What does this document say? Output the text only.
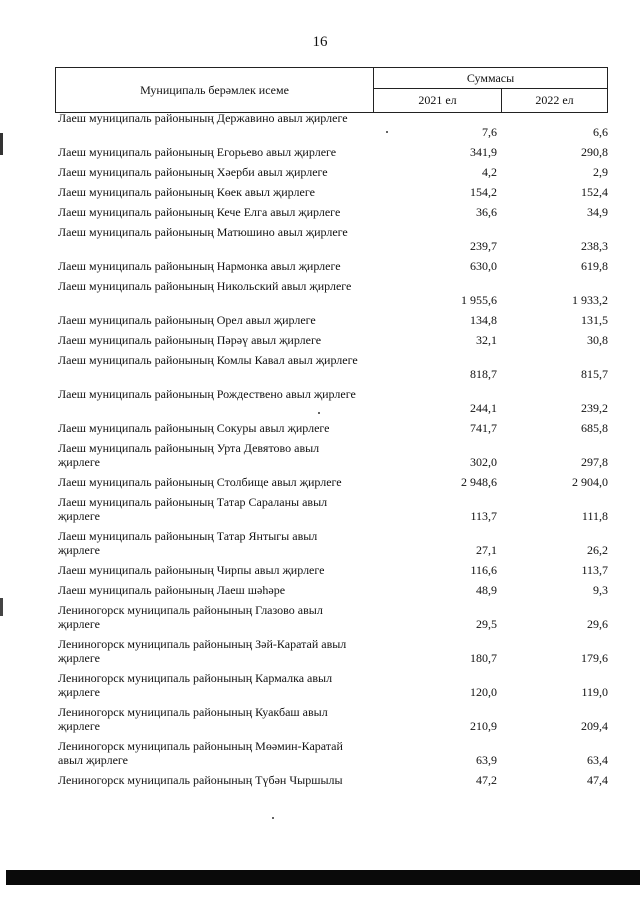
16
Муниципаль берәмлек исеме
Суммасы
2021 ел	2022 ел
Лаеш муниципаль районының Державино авыл җирлеге
7,6	6,6
Лаеш муниципаль районының Егорьево авыл җирлеге	341,9	290,8
Лаеш муниципаль районының Хәерби авыл җирлеге	4,2	2,9
Лаеш муниципаль районының Көек авыл җирлеге	154,2	152,4
Лаеш муниципаль районының Кече Елга авыл җирлеге	36,6	34,9
Лаеш муниципаль районының Матюшино авыл җирлеге
239,7	238,3
Лаеш муниципаль районының Нармонка авыл җирлеге	630,0	619,8
Лаеш муниципаль районының Никольский авыл җирлеге
1 955,6	1 933,2
Лаеш муниципаль районының Орел авыл җирлеге	134,8	131,5
Лаеш муниципаль районының Пәрәү авыл җирлеге	32,1	30,8
Лаеш муниципаль районының Комлы Кавал авыл җирлеге
818,7	815,7
Лаеш муниципаль районының Рождествено авыл җирлеге
244,1	239,2
Лаеш муниципаль районының Сокуры авыл җирлеге	741,7	685,8
Лаеш муниципаль районының Урта Девятово авыл җирлеге	302,0	297,8
Лаеш муниципаль районының Столбище авыл җирлеге	2 948,6	2 904,0
Лаеш муниципаль районының Татар Сараланы авыл җирлеге	113,7	111,8
Лаеш муниципаль районының Татар Янтыгы авыл җирлеге	27,1	26,2
Лаеш муниципаль районының Чирпы авыл җирлеге	116,6	113,7
Лаеш муниципаль районының Лаеш шәһәре	48,9	9,3
Лениногорск муниципаль районының Глазово авыл җирлеге	29,5	29,6
Лениногорск муниципаль районының Зәй-Каратай авыл җирлеге	180,7	179,6
Лениногорск муниципаль районының Кармалка авыл җирлеге	120,0	119,0
Лениногорск муниципаль районының Куакбаш авыл җирлеге	210,9	209,4
Лениногорск муниципаль районының Мөәмин-Каратай авыл җирлеге	63,9	63,4
Лениногорск муниципаль районының Түбән Чыршылы	47,2	47,4
